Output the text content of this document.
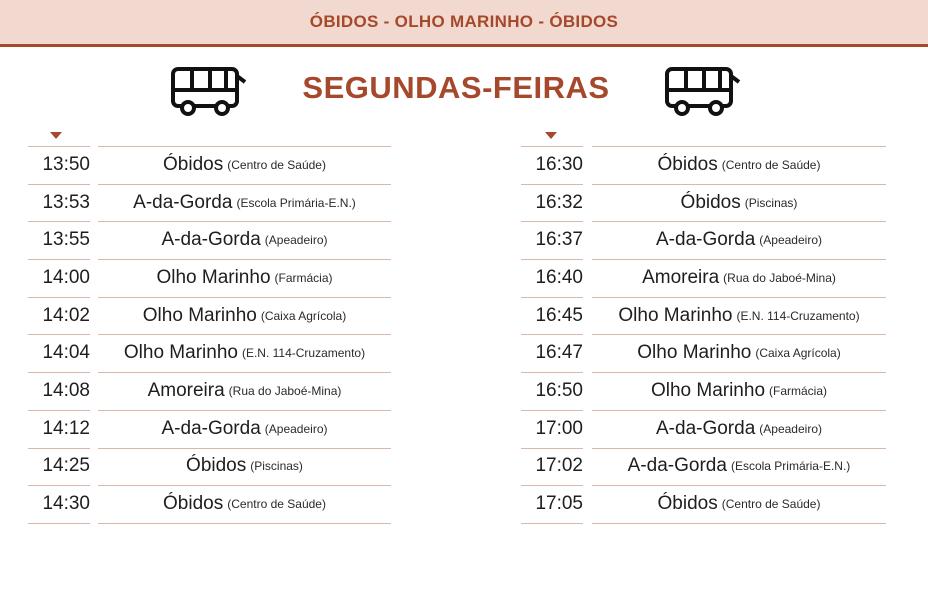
ÓBIDOS - OLHO MARINHO - ÓBIDOS
SEGUNDAS-FEIRAS
13:50	Óbidos (Centro de Saúde)
13:53 A-da-Gorda (Escola Primária-E.N.)
13:55	A-da-Gorda (Apeadeiro)
14:00	Olho Marinho (Farmácia)
14:02	Olho Marinho (Caixa Agrícola)
14:04 Olho Marinho (E.N. 114-Cruzamento)
14:08	Amoreira (Rua do Jaboé-Mina)
14:12	A-da-Gorda (Apeadeiro)
14:25	Óbidos (Piscinas)
14:30	Óbidos (Centro de Saúde)
16:30	Óbidos (Centro de Saúde)
16:32	Óbidos (Piscinas)
16:37	A-da-Gorda (Apeadeiro)
16:40	Amoreira (Rua do Jaboé-Mina)
16:45 Olho Marinho (E.N. 114-Cruzamento)
16:47	Olho Marinho (Caixa Agrícola)
16:50	Olho Marinho (Farmácia)
17:00	A-da-Gorda (Apeadeiro)
17:02 A-da-Gorda (Escola Primária-E.N.)
17:05	Óbidos (Centro de Saúde)
